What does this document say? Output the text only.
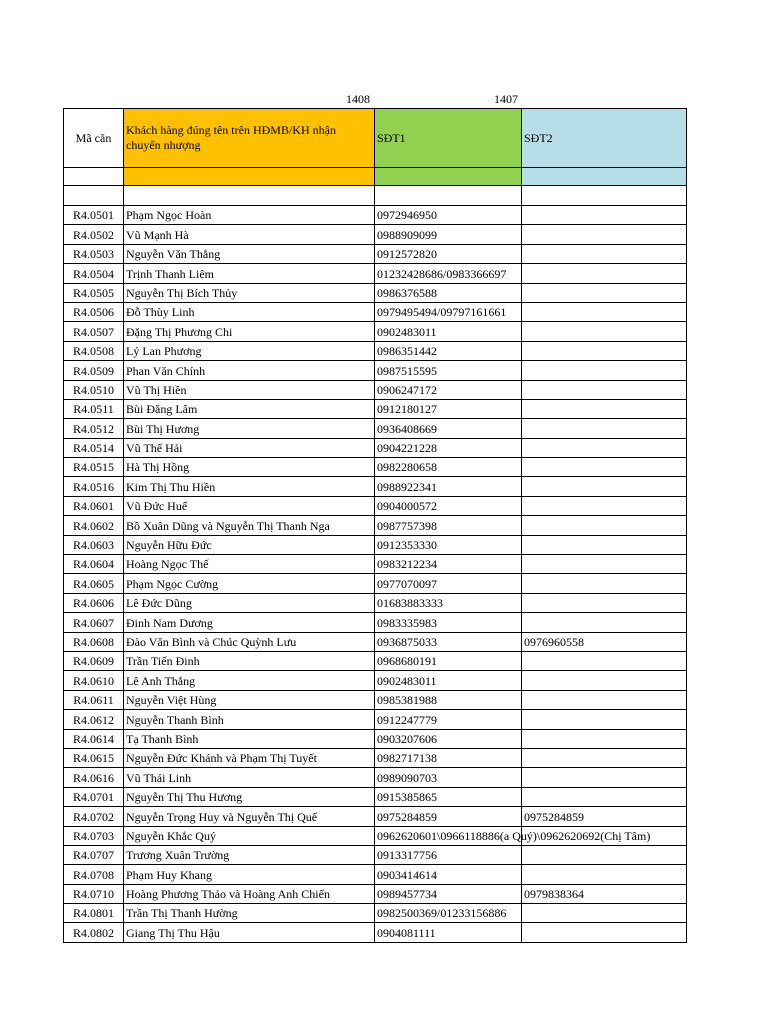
1408	1407
Mã căn	Khách hàng đúng tên trên HĐMB/KH nhận chuyển nhượng	SĐT1	SĐT2

R4.0501	Phạm Ngọc Hoàn	0972946950	
R4.0502	Vũ Mạnh Hà	0988909099	
R4.0503	Nguyễn Văn Thắng	0912572820	
R4.0504	Trịnh Thanh Liêm	01232428686/0983366697	
R4.0505	Nguyễn Thị Bích Thủy	0986376588	
R4.0506	Đỗ Thùy Linh	0979495494/09797161661	
R4.0507	Đặng Thị Phương Chi	0902483011	
R4.0508	Lý Lan Phương	0986351442	
R4.0509	Phan Văn Chính	0987515595	
R4.0510	Vũ Thị Hiền	0906247172	
R4.0511	Bùi Đăng Lâm	0912180127	
R4.0512	Bùi Thị Hương	0936408669	
R4.0514	Vũ Thế Hải	0904221228	
R4.0515	Hà Thị Hồng	0982280658	
R4.0516	Kim Thị Thu Hiền	0988922341	
R4.0601	Vũ Đức Huế	0904000572	
R4.0602	Bồ Xuân Dũng và Nguyễn Thị Thanh Nga	0987757398	
R4.0603	Nguyễn Hữu Đức	0912353330	
R4.0604	Hoàng Ngọc Thế	0983212234	
R4.0605	Phạm Ngọc Cường	0977070097	
R4.0606	Lê Đức Dũng	01683883333	
R4.0607	Đinh Nam Dương	0983335983	
R4.0608	Đào Văn Bình và Chúc Quỳnh Lưu	0936875033	0976960558
R4.0609	Trần Tiến Đinh	0968680191	
R4.0610	Lê Anh Thắng	0902483011	
R4.0611	Nguyễn Việt Hùng	0985381988	
R4.0612	Nguyễn Thanh Bình	0912247779	
R4.0614	Tạ Thanh Bình	0903207606	
R4.0615	Nguyễn Đức Khánh và Phạm Thị Tuyết	0982717138	
R4.0616	Vũ Thái Linh	0989090703	
R4.0701	Nguyễn Thị Thu Hương	0915385865	
R4.0702	Nguyễn Trọng Huy và Nguyễn Thị Quế	0975284859	0975284859
R4.0703	Nguyễn Khắc Quý	0962620601\0966118886(a Quý)\0962620692(Chị Tâm)	
R4.0707	Trương Xuân Trường	0913317756	
R4.0708	Phạm Huy Khang	0903414614	
R4.0710	Hoàng Phương Thảo và Hoàng Anh Chiến	0989457734	0979838364
R4.0801	Trần Thị Thanh Hường	0982500369/01233156886	
R4.0802	Giang Thị Thu Hậu	0904081111	
